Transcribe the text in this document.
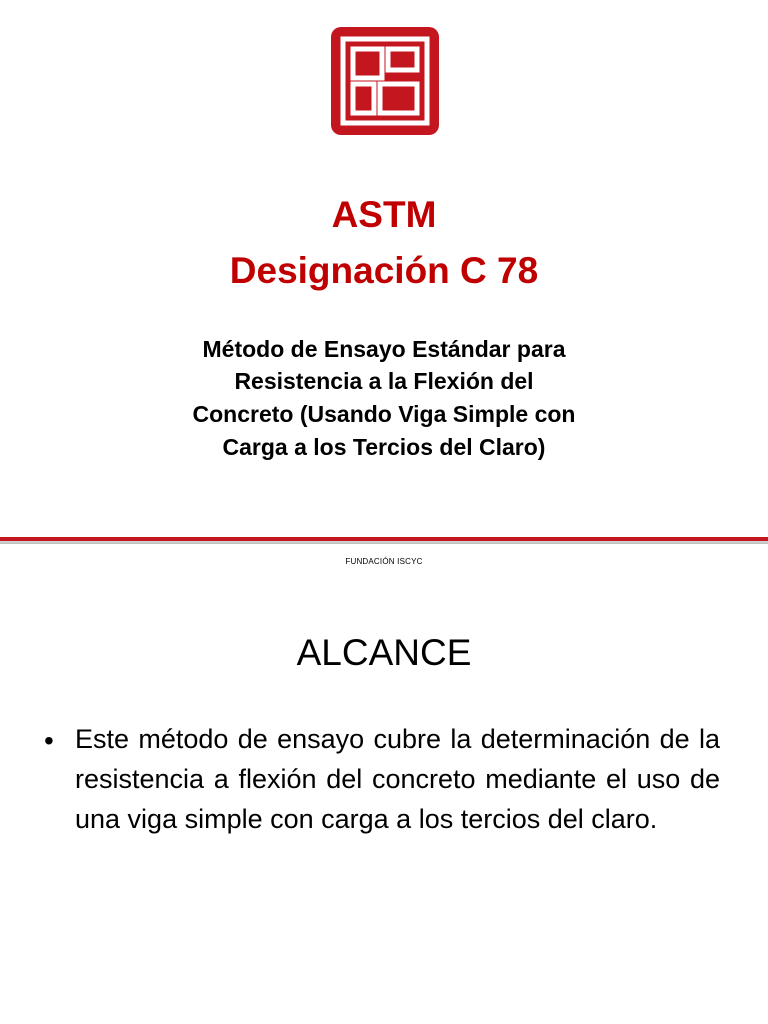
ASTM
Designación C 78
Método de Ensayo Estándar para
Resistencia a la Flexión del
Concreto (Usando Viga Simple con
Carga a los Tercios del Claro)
FUNDACIÓN ISCYC
ALCANCE
• Este método de ensayo cubre la determinación de la resistencia a flexión del concreto mediante el uso de una viga simple con carga a los tercios del claro.
